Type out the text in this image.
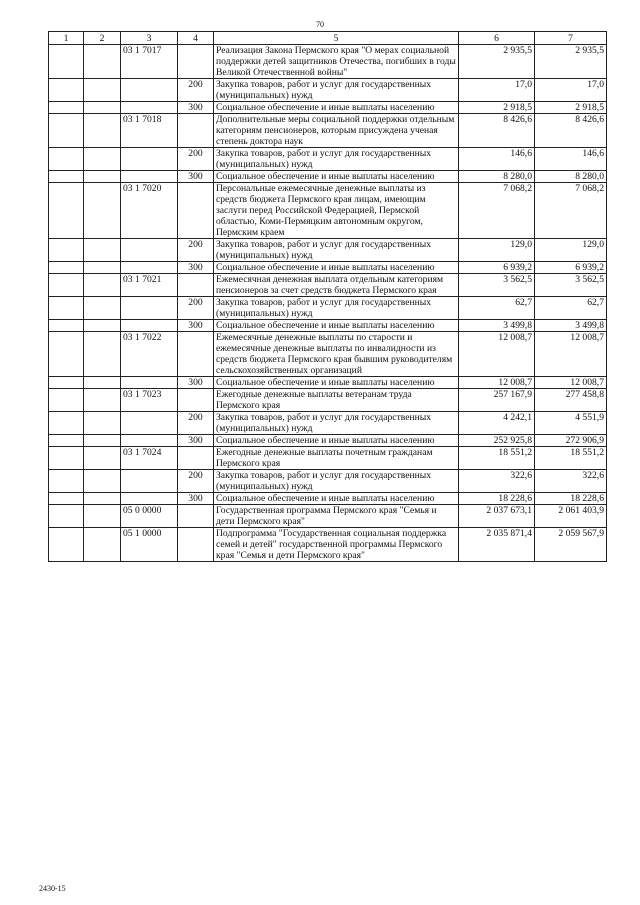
70
1	2	3	4	5	6	7
		03 1 7017		Реализация Закона Пермского края "О мерах социальной поддержки детей защитников Отечества, погибших в годы Великой Отечественной войны"	2 935,5	2 935,5
			200	Закупка товаров, работ и услуг для государственных (муниципальных) нужд	17,0	17,0
			300	Социальное обеспечение и иные выплаты населению	2 918,5	2 918,5
		03 1 7018		Дополнительные меры социальной поддержки отдельным категориям пенсионеров, которым присуждена ученая степень доктора наук	8 426,6	8 426,6
			200	Закупка товаров, работ и услуг для государственных (муниципальных) нужд	146,6	146,6
			300	Социальное обеспечение и иные выплаты населению	8 280,0	8 280,0
		03 1 7020		Персональные ежемесячные денежные выплаты из средств бюджета Пермского края лицам, имеющим заслуги перед Российской Федерацией, Пермской областью, Коми-Пермяцким автономным округом, Пермским краем	7 068,2	7 068,2
			200	Закупка товаров, работ и услуг для государственных (муниципальных) нужд	129,0	129,0
			300	Социальное обеспечение и иные выплаты населению	6 939,2	6 939,2
		03 1 7021		Ежемесячная денежная выплата отдельным категориям пенсионеров за счет средств бюджета Пермского края	3 562,5	3 562,5
			200	Закупка товаров, работ и услуг для государственных (муниципальных) нужд	62,7	62,7
			300	Социальное обеспечение и иные выплаты населению	3 499,8	3 499,8
		03 1 7022		Ежемесячные денежные выплаты по старости и ежемесячные денежные выплаты по инвалидности из средств бюджета Пермского края бывшим руководителям сельскохозяйственных организаций	12 008,7	12 008,7
			300	Социальное обеспечение и иные выплаты населению	12 008,7	12 008,7
		03 1 7023		Ежегодные денежные выплаты ветеранам труда Пермского края	257 167,9	277 458,8
			200	Закупка товаров, работ и услуг для государственных (муниципальных) нужд	4 242,1	4 551,9
			300	Социальное обеспечение и иные выплаты населению	252 925,8	272 906,9
		03 1 7024		Ежегодные денежные выплаты почетным гражданам Пермского края	18 551,2	18 551,2
			200	Закупка товаров, работ и услуг для государственных (муниципальных) нужд	322,6	322,6
			300	Социальное обеспечение и иные выплаты населению	18 228,6	18 228,6
		05 0 0000		Государственная программа Пермского края "Семья и дети Пермского края"	2 037 673,1	2 061 403,9
		05 1 0000		Подпрограмма "Государственная социальная поддержка семей и детей" государственной программы Пермского края "Семья и дети Пермского края"	2 035 871,4	2 059 567,9
2430-15
